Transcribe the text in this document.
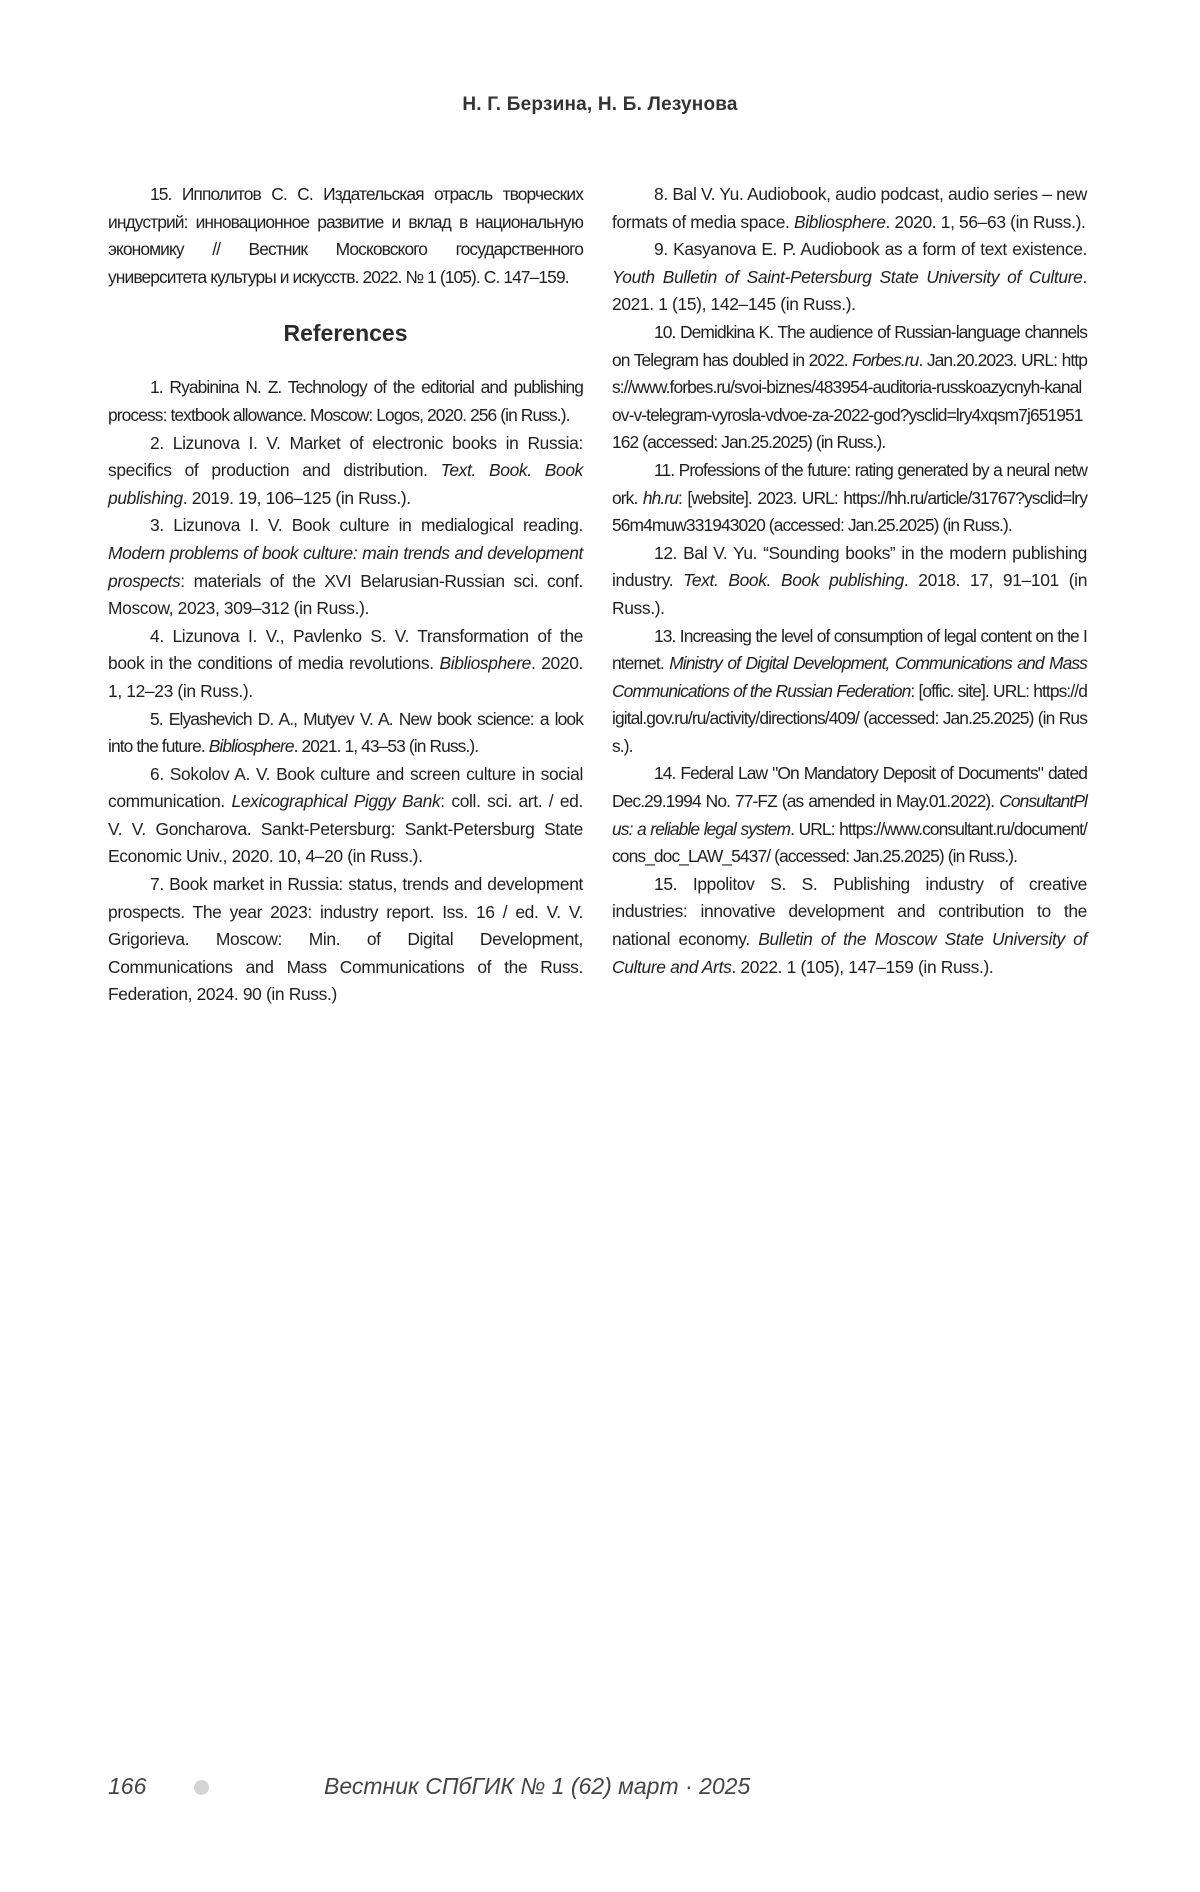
Н. Г. Берзина, Н. Б. Лезунова

15. Ипполитов С. С. Издательская отрасль творческих индустрий: инновационное развитие и вклад в национальную экономику // Вестник Московского государственного университета культуры и искусств. 2022. № 1 (105). С. 147–159.

References

1. Ryabinina N. Z. Technology of the editorial and publishing process: textbook allowance. Moscow: Logos, 2020. 256 (in Russ.).

2. Lizunova I. V. Market of electronic books in Russia: specifics of production and distribution. Text. Book. Book publishing. 2019. 19, 106–125 (in Russ.).

3. Lizunova I. V. Book culture in medialogical reading. Modern problems of book culture: main trends and development prospects: materials of the XVI Belarusian-Russian sci. conf. Moscow, 2023, 309–312 (in Russ.).

4. Lizunova I. V., Pavlenko S. V. Transformation of the book in the conditions of media revolutions. Bibliosphere. 2020. 1, 12–23 (in Russ.).

5. Elyashevich D. A., Mutyev V. A. New book science: a look into the future. Bibliosphere. 2021. 1, 43–53 (in Russ.).

6. Sokolov A. V. Book culture and screen culture in social communication. Lexicographical Piggy Bank: coll. sci. art. / ed. V. V. Goncharova. Sankt-Petersburg: Sankt-Petersburg State Economic Univ., 2020. 10, 4–20 (in Russ.).

7. Book market in Russia: status, trends and development prospects. The year 2023: industry report. Iss. 16 / ed. V. V. Grigorieva. Moscow: Min. of Digital Development, Communications and Mass Communications of the Russ. Federation, 2024. 90 (in Russ.)

8. Bal V. Yu. Audiobook, audio podcast, audio series – new formats of media space. Bibliosphere. 2020. 1, 56–63 (in Russ.).

9. Kasyanova E. P. Audiobook as a form of text existence. Youth Bulletin of Saint-Petersburg State University of Culture. 2021. 1 (15), 142–145 (in Russ.).

10. Demidkina K. The audience of Russian-language channels on Telegram has doubled in 2022. Forbes.ru. Jan.20.2023. URL: https://www.forbes.ru/svoi-biznes/483954-auditoria-russkoazycnyh-kanalov-v-telegram-vyrosla-vdvoe-za-2022-god?ysclid=lry4xqsm7j651951162 (accessed: Jan.25.2025) (in Russ.).

11. Professions of the future: rating generated by a neural network. hh.ru: [website]. 2023. URL: https://hh.ru/article/31767?ysclid=lry56m4muw331943020 (accessed: Jan.25.2025) (in Russ.).

12. Bal V. Yu. “Sounding books” in the modern publishing industry. Text. Book. Book publishing. 2018. 17, 91–101 (in Russ.).

13. Increasing the level of consumption of legal content on the Internet. Ministry of Digital Development, Communications and Mass Communications of the Russian Federation: [offic. site]. URL: https://digital.gov.ru/ru/activity/directions/409/ (accessed: Jan.25.2025) (in Russ.).

14. Federal Law "On Mandatory Deposit of Documents" dated Dec.29.1994 No. 77-FZ (as amended in May.01.2022). ConsultantPlus: a reliable legal system. URL: https://www.consultant.ru/document/cons_doc_LAW_5437/ (accessed: Jan.25.2025) (in Russ.).

15. Ippolitov S. S. Publishing industry of creative industries: innovative development and contribution to the national economy. Bulletin of the Moscow State University of Culture and Arts. 2022. 1 (105), 147–159 (in Russ.).

166	Вестник СПбГИК № 1 (62) март · 2025
